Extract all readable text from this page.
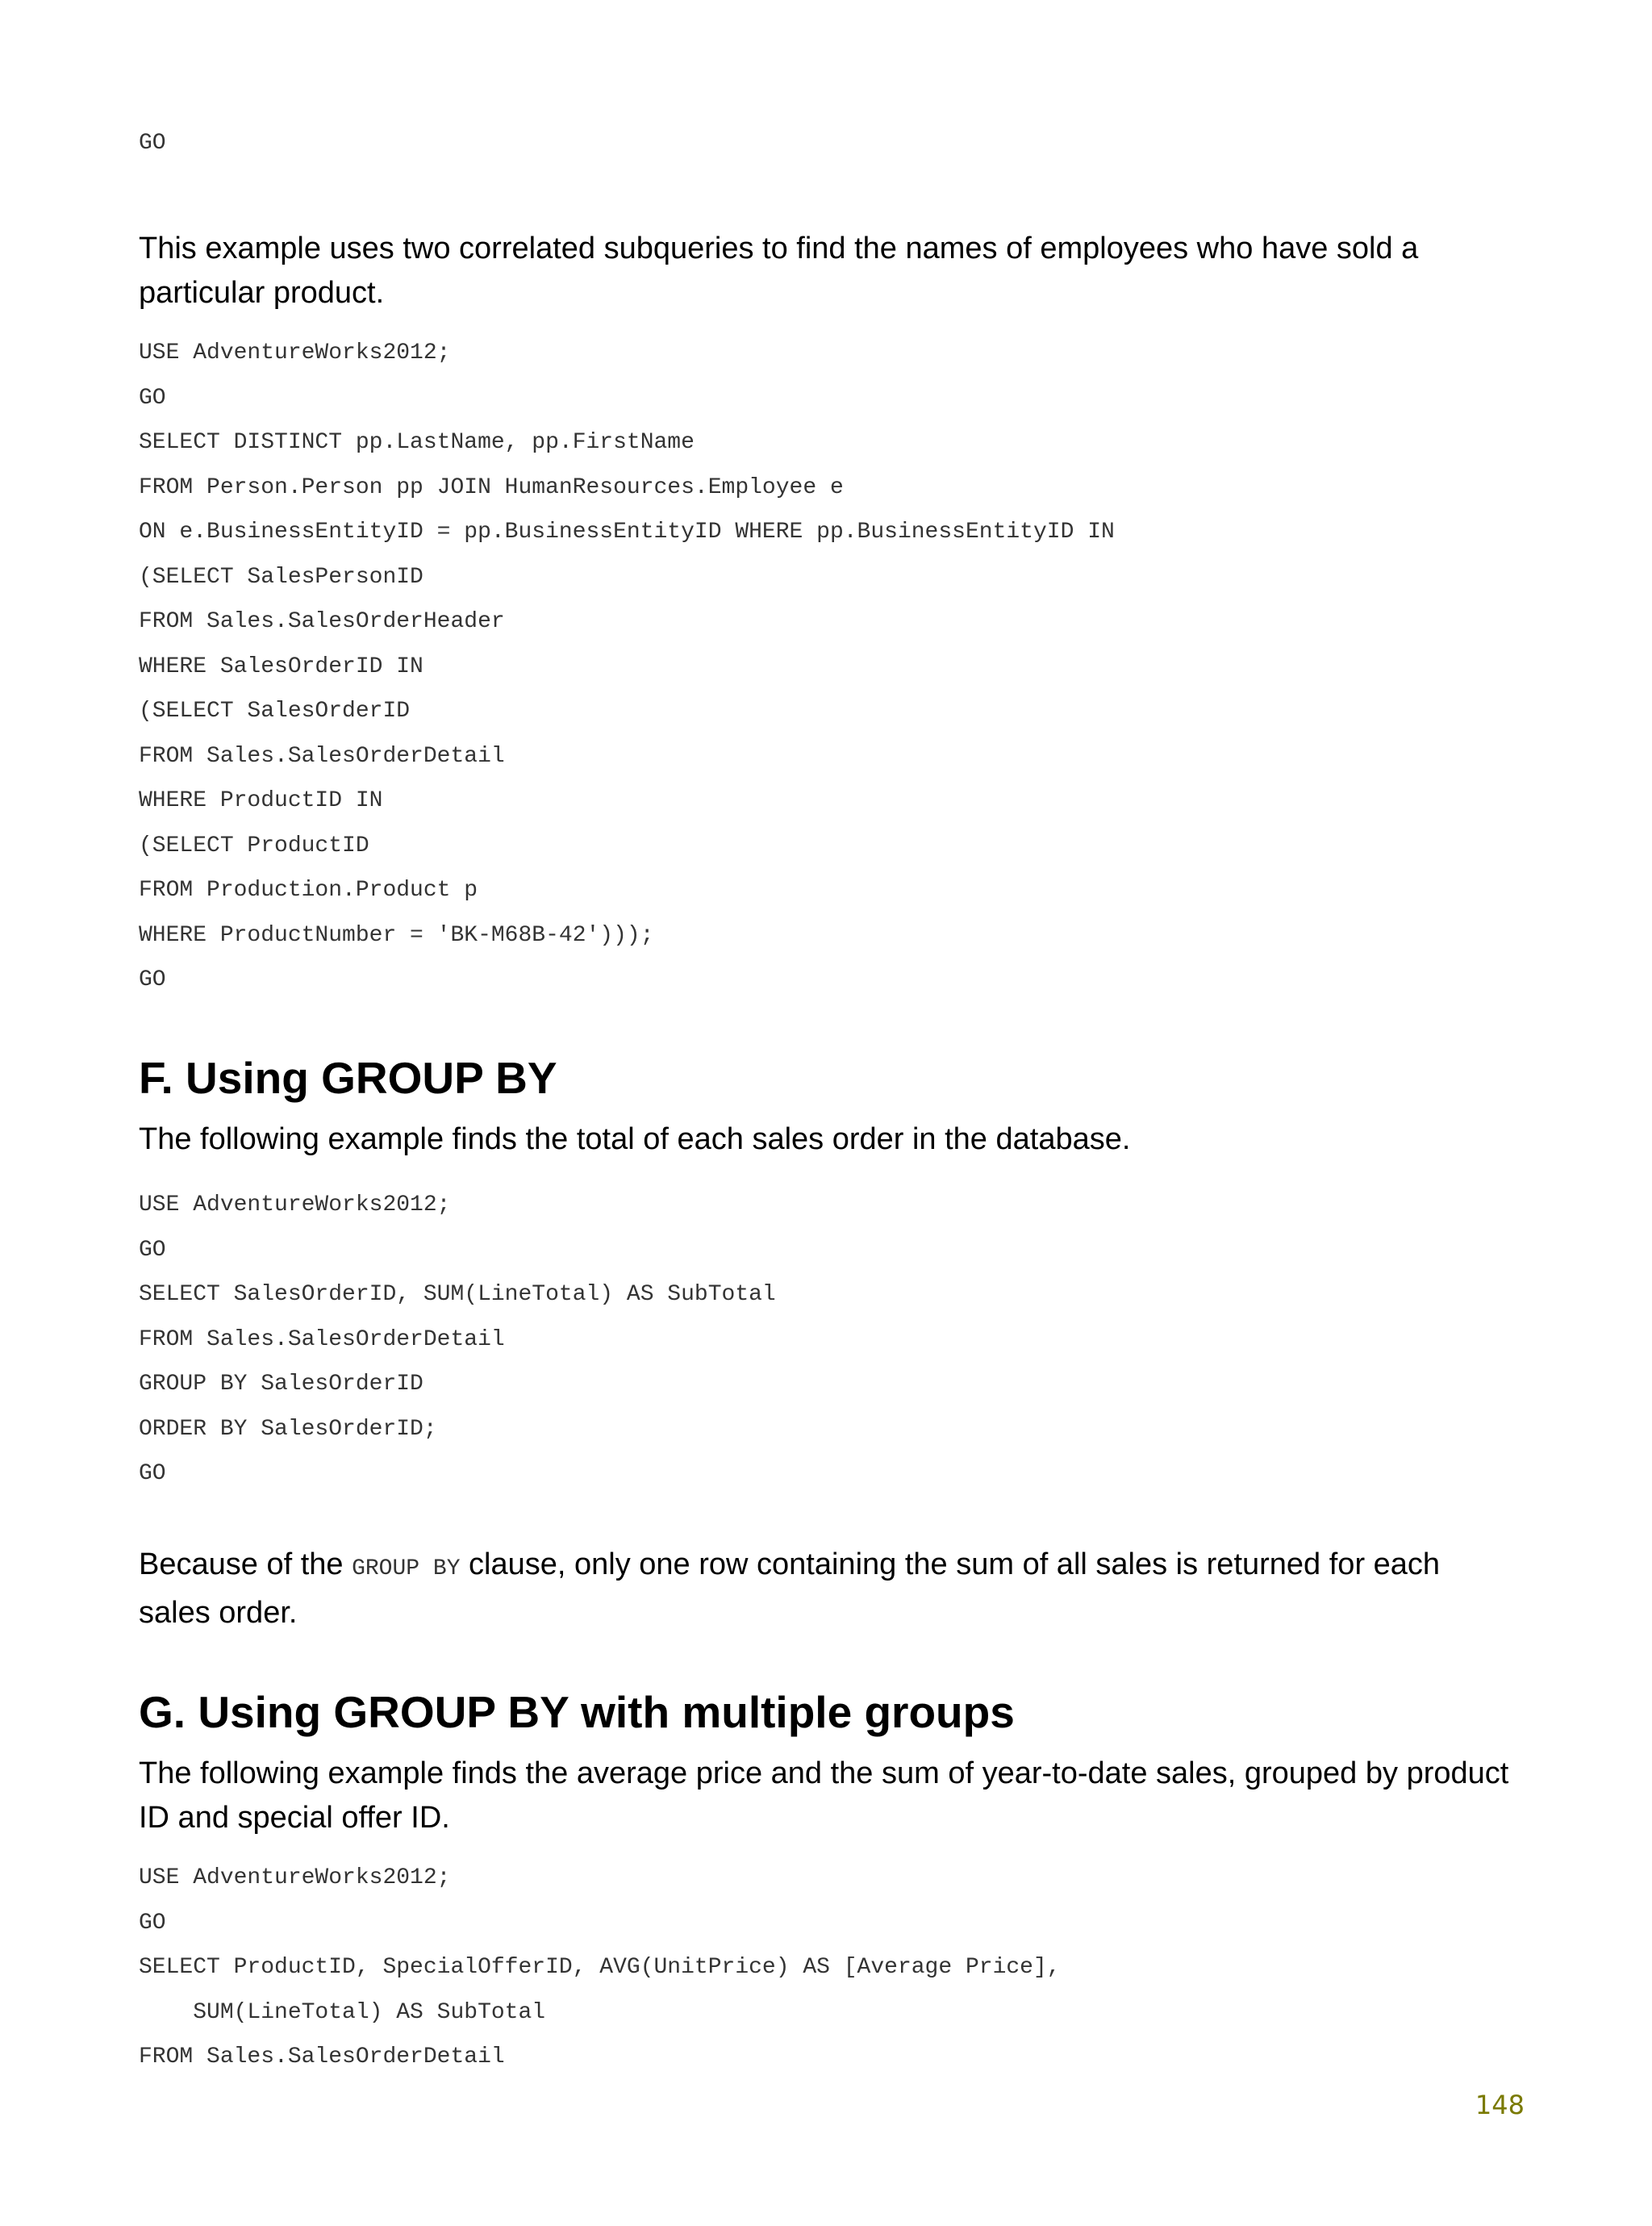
GO

This example uses two correlated subqueries to find the names of employees who have sold a particular product.

USE AdventureWorks2012;
GO
SELECT DISTINCT pp.LastName, pp.FirstName
FROM Person.Person pp JOIN HumanResources.Employee e
ON e.BusinessEntityID = pp.BusinessEntityID WHERE pp.BusinessEntityID IN
(SELECT SalesPersonID
FROM Sales.SalesOrderHeader
WHERE SalesOrderID IN
(SELECT SalesOrderID
FROM Sales.SalesOrderDetail
WHERE ProductID IN
(SELECT ProductID
FROM Production.Product p
WHERE ProductNumber = 'BK-M68B-42')));
GO
F. Using GROUP BY

The following example finds the total of each sales order in the database.

USE AdventureWorks2012;
GO
SELECT SalesOrderID, SUM(LineTotal) AS SubTotal
FROM Sales.SalesOrderDetail
GROUP BY SalesOrderID
ORDER BY SalesOrderID;
GO

Because of the GROUP BY clause, only one row containing the sum of all sales is returned for each sales order.

G. Using GROUP BY with multiple groups

The following example finds the average price and the sum of year-to-date sales, grouped by product ID and special offer ID.

USE AdventureWorks2012;
GO
SELECT ProductID, SpecialOfferID, AVG(UnitPrice) AS [Average Price],
SUM(LineTotal) AS SubTotal
FROM Sales.SalesOrderDetail
148
